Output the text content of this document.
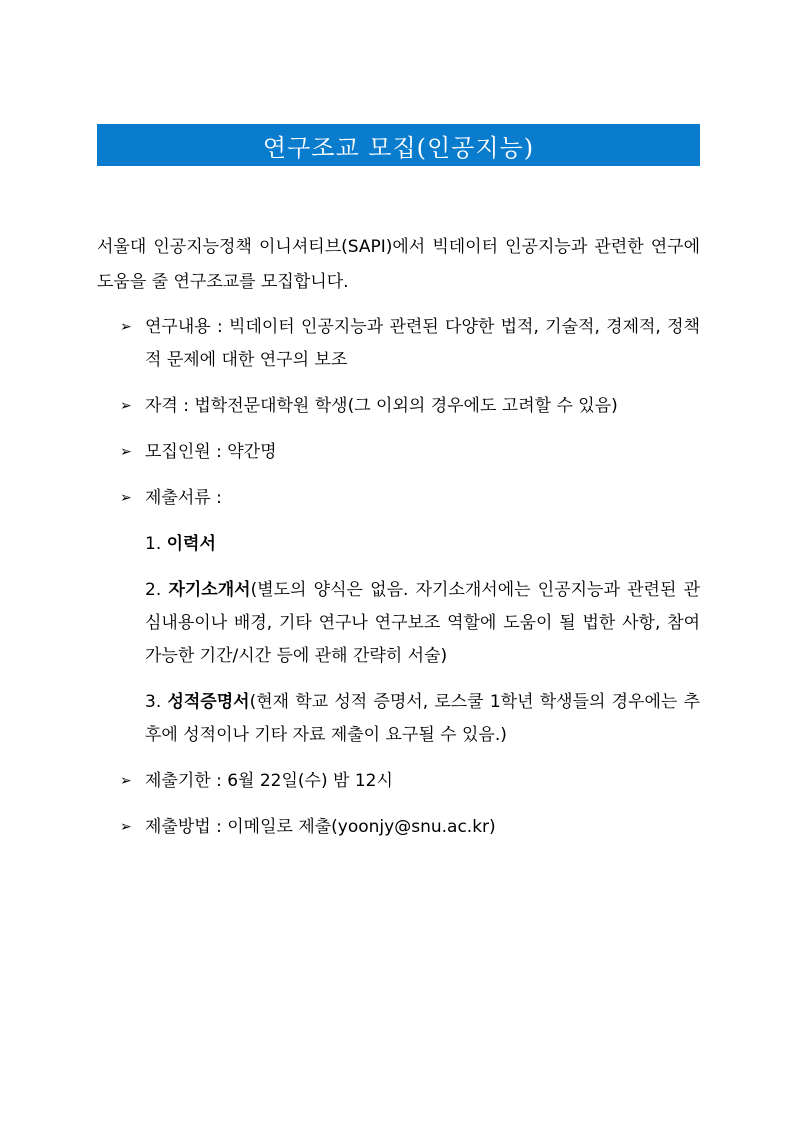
연구조교 모집(인공지능)
서울대 인공지능정책 이니셔티브(SAPI)에서 빅데이터 인공지능과 관련한 연구에 도움을 줄 연구조교를 모집합니다.
➢ 연구내용 : 빅데이터 인공지능과 관련된 다양한 법적, 기술적, 경제적, 정책적 문제에 대한 연구의 보조
➢ 자격 : 법학전문대학원 학생(그 이외의 경우에도 고려할 수 있음)
➢ 모집인원 : 약간명
➢ 제출서류 :
1. 이력서
2. 자기소개서(별도의 양식은 없음. 자기소개서에는 인공지능과 관련된 관심내용이나 배경, 기타 연구나 연구보조 역할에 도움이 될 법한 사항, 참여 가능한 기간/시간 등에 관해 간략히 서술)
3. 성적증명서(현재 학교 성적 증명서, 로스쿨 1학년 학생들의 경우에는 추후에 성적이나 기타 자료 제출이 요구될 수 있음.)
➢ 제출기한 : 6월 22일(수) 밤 12시
➢ 제출방법 : 이메일로 제출(yoonjy@snu.ac.kr)
